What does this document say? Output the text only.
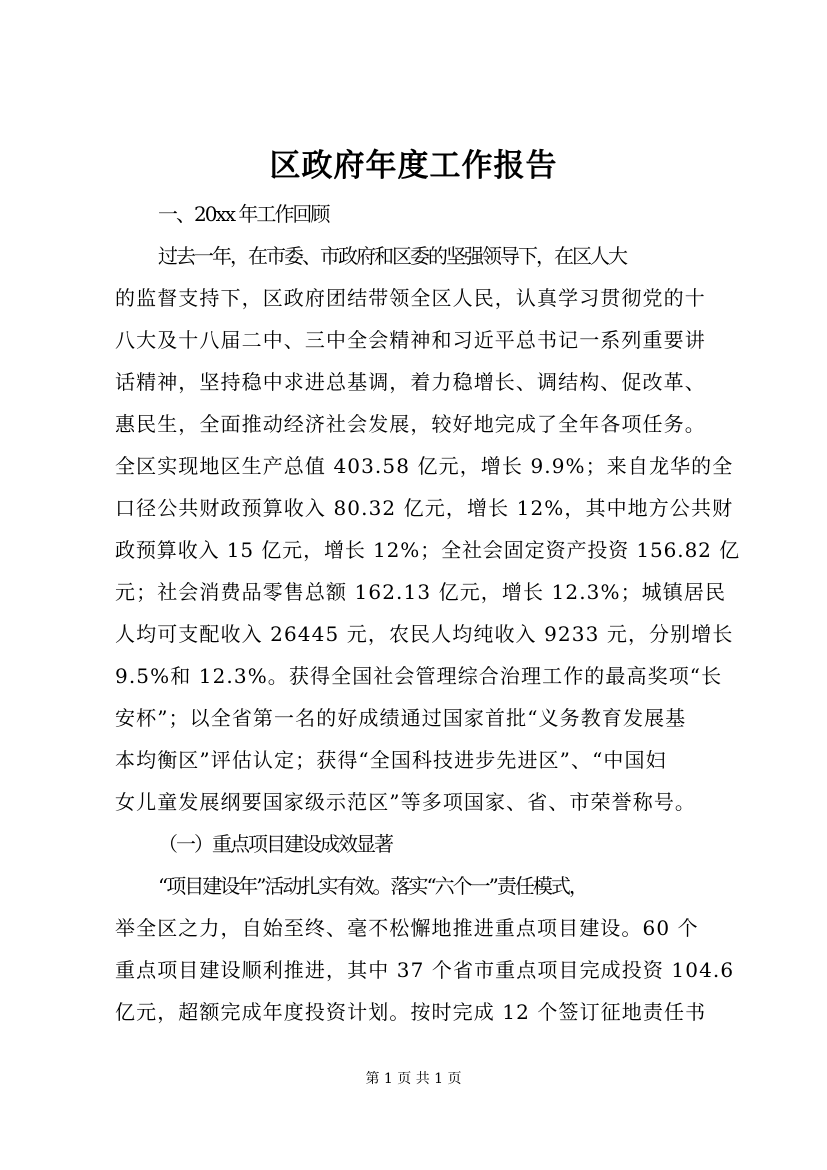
区政府年度工作报告
一、20xx 年工作回顾
过去一年，在市委、市政府和区委的坚强领导下，在区人大
的监督支持下，区政府团结带领全区人民，认真学习贯彻党的十
八大及十八届二中、三中全会精神和习近平总书记一系列重要讲
话精神，坚持稳中求进总基调，着力稳增长、调结构、促改革、
惠民生，全面推动经济社会发展，较好地完成了全年各项任务。
全区实现地区生产总值 403.58 亿元，增长 9.9%；来自龙华的全
口径公共财政预算收入 80.32 亿元，增长 12%，其中地方公共财
政预算收入 15 亿元，增长 12%；全社会固定资产投资 156.82 亿
元；社会消费品零售总额 162.13 亿元，增长 12.3%；城镇居民
人均可支配收入 26445 元，农民人均纯收入 9233 元，分别增长
9.5%和 12.3%。获得全国社会管理综合治理工作的最高奖项“长
安杯”；以全省第一名的好成绩通过国家首批“义务教育发展基
本均衡区”评估认定；获得“全国科技进步先进区”、“中国妇
女儿童发展纲要国家级示范区”等多项国家、省、市荣誉称号。
（一）重点项目建设成效显著
“项目建设年”活动扎实有效。落实“六个一”责任模式，
举全区之力，自始至终、毫不松懈地推进重点项目建设。60 个
重点项目建设顺利推进，其中 37 个省市重点项目完成投资 104.6
亿元，超额完成年度投资计划。按时完成 12 个签订征地责任书
第 1 页 共 1 页
